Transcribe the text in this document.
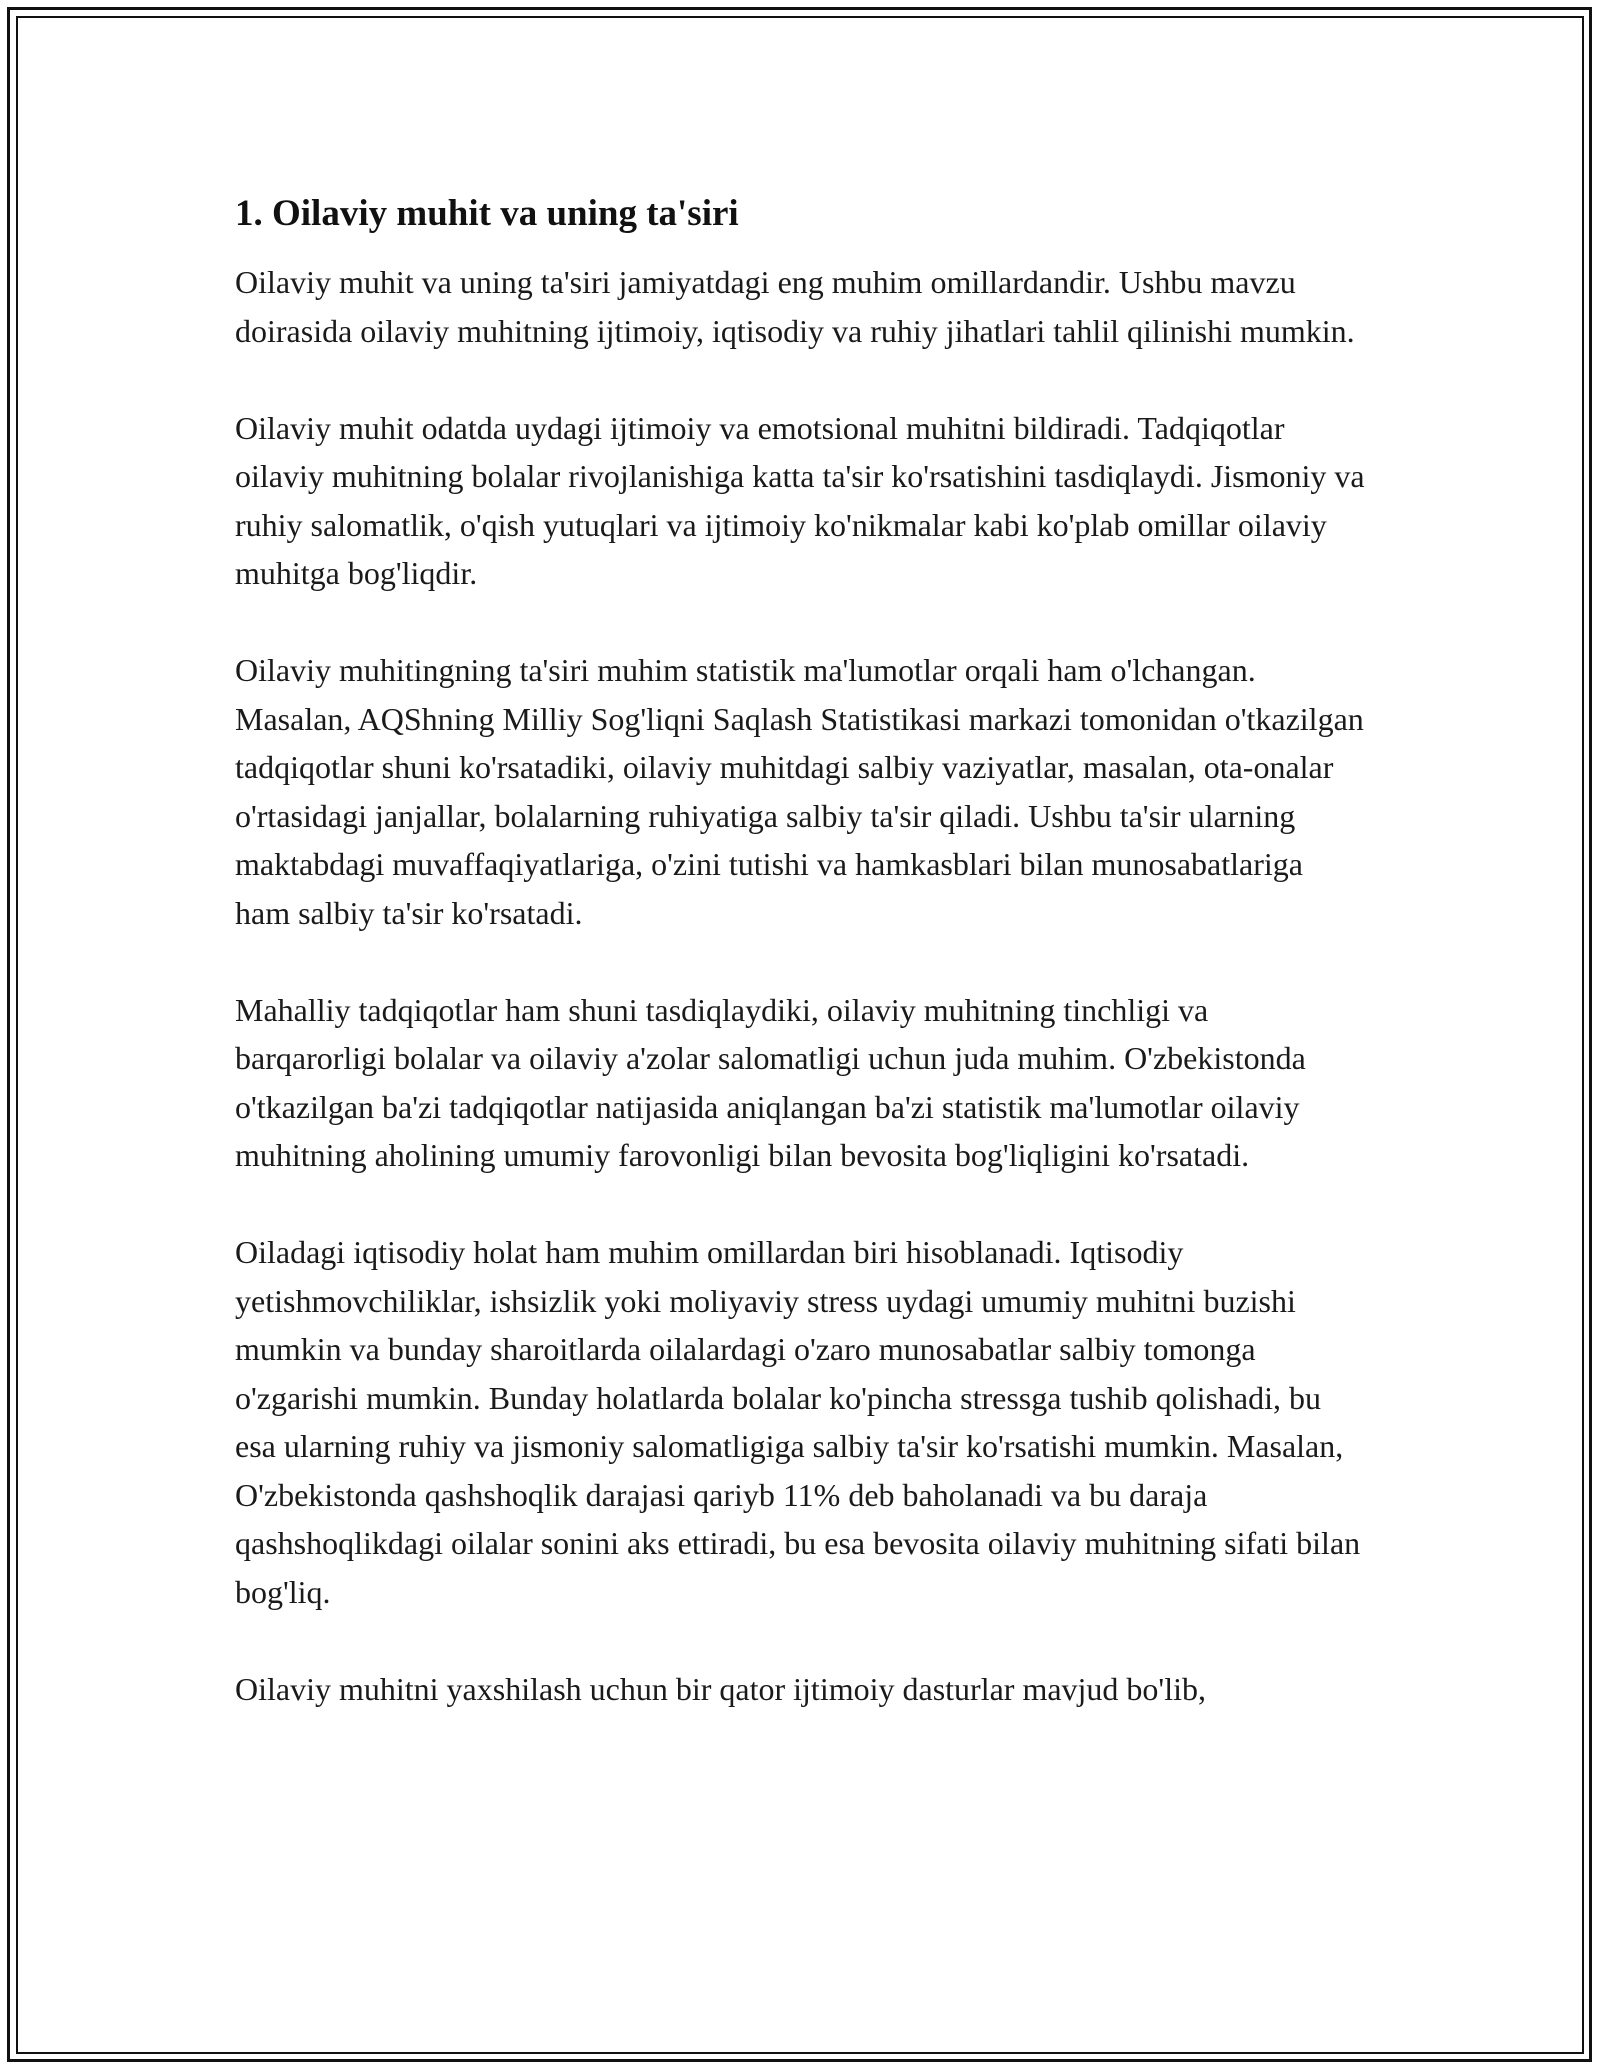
1. Oilaviy muhit va uning ta'siri

Oilaviy muhit va uning ta'siri jamiyatdagi eng muhim omillardandir. Ushbu mavzu doirasida oilaviy muhitning ijtimoiy, iqtisodiy va ruhiy jihatlari tahlil qilinishi mumkin.

Oilaviy muhit odatda uydagi ijtimoiy va emotsional muhitni bildiradi. Tadqiqotlar oilaviy muhitning bolalar rivojlanishiga katta ta'sir ko'rsatishini tasdiqlaydi. Jismoniy va ruhiy salomatlik, o'qish yutuqlari va ijtimoiy ko'nikmalar kabi ko'plab omillar oilaviy muhitga bog'liqdir.

Oilaviy muhitingning ta'siri muhim statistik ma'lumotlar orqali ham o'lchangan. Masalan, AQShning Milliy Sog'liqni Saqlash Statistikasi markazi tomonidan o'tkazilgan tadqiqotlar shuni ko'rsatadiki, oilaviy muhitdagi salbiy vaziyatlar, masalan, ota-onalar o'rtasidagi janjallar, bolalarning ruhiyatiga salbiy ta'sir qiladi. Ushbu ta'sir ularning maktabdagi muvaffaqiyatlariga, o'zini tutishi va hamkasblari bilan munosabatlariga ham salbiy ta'sir ko'rsatadi.

Mahalliy tadqiqotlar ham shuni tasdiqlaydiki, oilaviy muhitning tinchligi va barqarorligi bolalar va oilaviy a'zolar salomatligi uchun juda muhim. O'zbekistonda o'tkazilgan ba'zi tadqiqotlar natijasida aniqlangan ba'zi statistik ma'lumotlar oilaviy muhitning aholining umumiy farovonligi bilan bevosita bog'liqligini ko'rsatadi.

Oiladagi iqtisodiy holat ham muhim omillardan biri hisoblanadi. Iqtisodiy yetishmovchiliklar, ishsizlik yoki moliyaviy stress uydagi umumiy muhitni buzishi mumkin va bunday sharoitlarda oilalardagi o'zaro munosabatlar salbiy tomonga o'zgarishi mumkin. Bunday holatlarda bolalar ko'pincha stressga tushib qolishadi, bu esa ularning ruhiy va jismoniy salomatligiga salbiy ta'sir ko'rsatishi mumkin. Masalan, O'zbekistonda qashshoqlik darajasi qariyb 11% deb baholanadi va bu daraja qashshoqlikdagi oilalar sonini aks ettiradi, bu esa bevosita oilaviy muhitning sifati bilan bog'liq.

Oilaviy muhitni yaxshilash uchun bir qator ijtimoiy dasturlar mavjud bo'lib,
